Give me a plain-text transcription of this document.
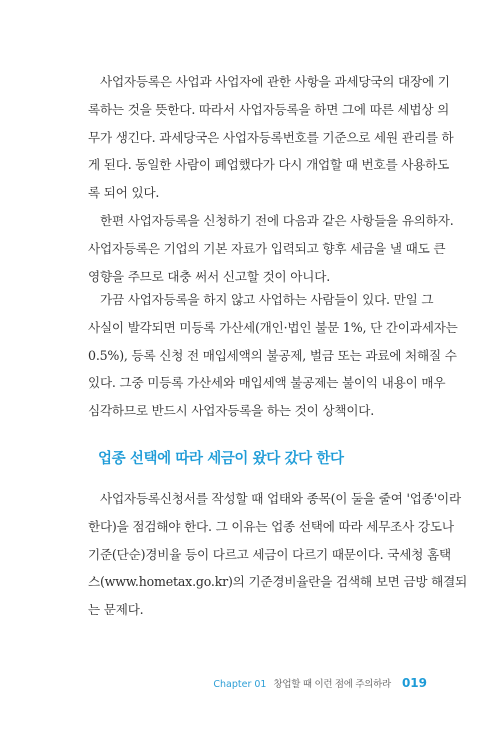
사업자등록은 사업과 사업자에 관한 사항을 과세당국의 대장에 기
록하는 것을 뜻한다. 따라서 사업자등록을 하면 그에 따른 세법상 의
무가 생긴다. 과세당국은 사업자등록번호를 기준으로 세원 관리를 하
게 된다. 동일한 사람이 폐업했다가 다시 개업할 때 번호를 사용하도
록 되어 있다.
한편 사업자등록을 신청하기 전에 다음과 같은 사항들을 유의하자.
사업자등록은 기업의 기본 자료가 입력되고 향후 세금을 낼 때도 큰
영향을 주므로 대충 써서 신고할 것이 아니다.
가끔 사업자등록을 하지 않고 사업하는 사람들이 있다. 만일 그
사실이 발각되면 미등록 가산세(개인·법인 불문 1%, 단 간이과세자는
0.5%), 등록 신청 전 매입세액의 불공제, 벌금 또는 과료에 처해질 수
있다. 그중 미등록 가산세와 매입세액 불공제는 불이익 내용이 매우
심각하므로 반드시 사업자등록을 하는 것이 상책이다.
업종 선택에 따라 세금이 왔다 갔다 한다
사업자등록신청서를 작성할 때 업태와 종목(이 둘을 줄여 '업종'이라
한다)을 점검해야 한다. 그 이유는 업종 선택에 따라 세무조사 강도나
기준(단순)경비율 등이 다르고 세금이 다르기 때문이다. 국세청 홈택
스(www.hometax.go.kr)의 기준경비율란을 검색해 보면 금방 해결되
는 문제다.
Chapter 01 창업할 때 이런 점에 주의하라 019
